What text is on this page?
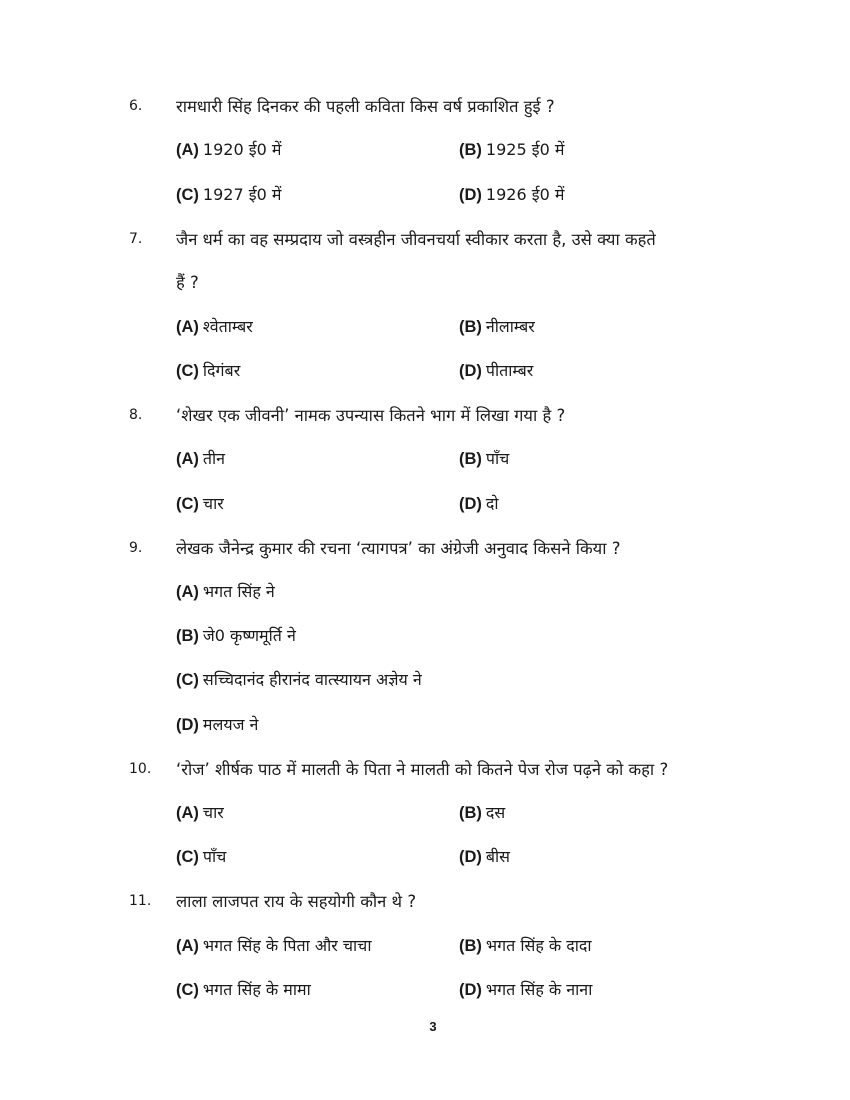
6. रामधारी सिंह दिनकर की पहली कविता किस वर्ष प्रकाशित हुई ?
(A) 1920 ई0 में	(B) 1925 ई0 में
(C) 1927 ई0 में	(D) 1926 ई0 में
7. जैन धर्म का वह सम्प्रदाय जो वस्त्रहीन जीवनचर्या स्वीकार करता है, उसे क्या कहते
हैं ?
(A) श्वेताम्बर	(B) नीलाम्बर
(C) दिगंबर	(D) पीताम्बर
8. ‘शेखर एक जीवनी’ नामक उपन्यास कितने भाग में लिखा गया है ?
(A) तीन	(B) पाँच
(C) चार	(D) दो
9. लेखक जैनेन्द्र कुमार की रचना ‘त्यागपत्र’ का अंग्रेजी अनुवाद किसने किया ?
(A) भगत सिंह ने
(B) जे0 कृष्णमूर्ति ने
(C) सच्चिदानंद हीरानंद वात्स्यायन अज्ञेय ने
(D) मलयज ने
10. ‘रोज’ शीर्षक पाठ में मालती के पिता ने मालती को कितने पेज रोज पढ़ने को कहा ?
(A) चार	(B) दस
(C) पाँच	(D) बीस
11. लाला लाजपत राय के सहयोगी कौन थे ?
(A) भगत सिंह के पिता और चाचा	(B) भगत सिंह के दादा
(C) भगत सिंह के मामा	(D) भगत सिंह के नाना
3
